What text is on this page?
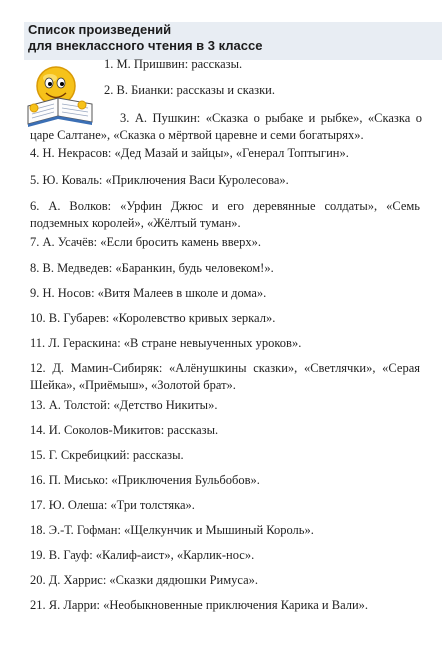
Список произведений
для внеклассного чтения в 3 классе
1. М. Пришвин: рассказы.
2. В. Бианки: рассказы и сказки.
3. А. Пушкин: «Сказка о рыбаке и рыбке», «Сказка о царе Салтане», «Сказка о мёртвой царевне и семи богатырях».
4. Н. Некрасов: «Дед Мазай и зайцы», «Генерал Топтыгин».
5. Ю. Коваль: «Приключения Васи Куролесова».
6. А. Волков: «Урфин Джюс и его деревянные солдаты», «Семь подземных королей», «Жёлтый туман».
7. А. Усачёв: «Если бросить камень вверх».
8. В. Медведев: «Баранкин, будь человеком!».
9. Н. Носов: «Витя Малеев в школе и дома».
10. В. Губарев: «Королевство кривых зеркал».
11. Л. Гераскина: «В стране невыученных уроков».
12. Д. Мамин-Сибиряк: «Алёнушкины сказки», «Светлячки», «Серая Шейка», «Приёмыш», «Золотой брат».
13. А. Толстой: «Детство Никиты».
14. И. Соколов-Микитов: рассказы.
15. Г. Скребицкий: рассказы.
16. П. Мисько: «Приключения Бульбобов».
17. Ю. Олеша: «Три толстяка».
18. Э.-Т. Гофман: «Щелкунчик и Мышиный Король».
19. В. Гауф: «Калиф-аист», «Карлик-нос».
20. Д. Харрис: «Сказки дядюшки Римуса».
21. Я. Ларри: «Необыкновенные приключения Карика и Вали».
